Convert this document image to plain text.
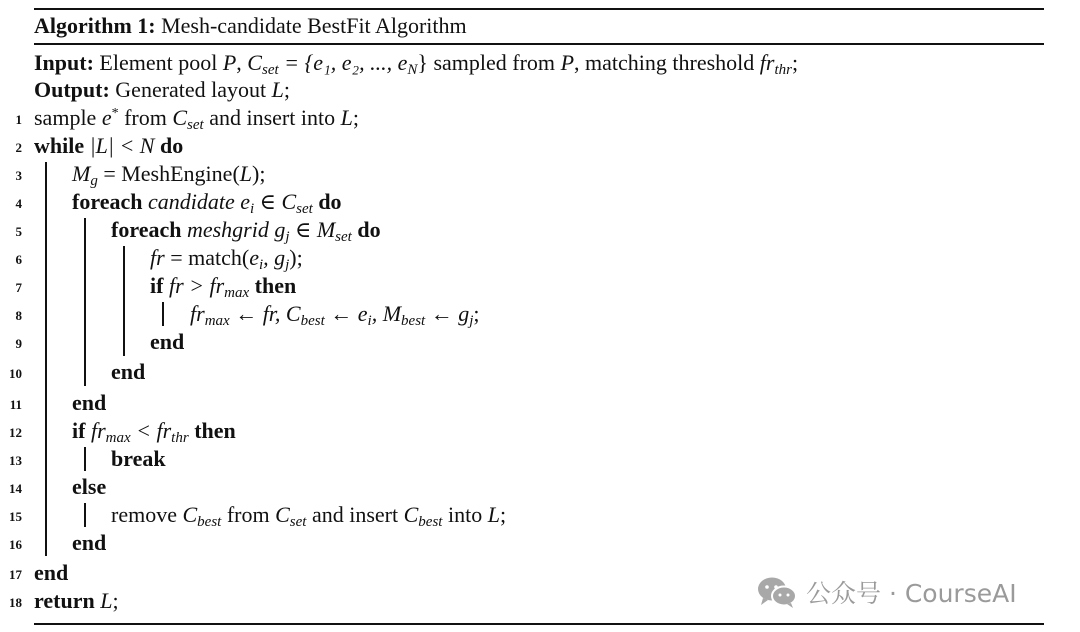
Algorithm 1: Mesh-candidate BestFit Algorithm
Input: Element pool P, $C_{set} = \{e_1$, e₂, ..., $e_N$} sampled from P, matching threshold $fr_{thr}$;
Output: Generated layout L;
1 sample e* from $C_{set}$ and insert into L;
2 while |L| < N do
3 $M_g$ = MeshEngine(L);
4 foreach candidate $e_i$ ∈ $C_{set}$ do
5	foreach meshgrid $g_j$ ∈ $M_{set}$ do
6	fr = $match(e_i$, $g_j$);
7	if fr > $fr_{max}$ then
8	$fr_{max}$ ← fr, $C_{best}$ ← $e_i$, $M_{best}$ ← $g_j$;
9	end
10	end
11 end
12 if $fr_{max} < fr_{thr}$ then
13	break
14 else
15	remove $C_{best}$ from $C_{set}$ and insert $C_{best}$ into L;
16 end
17 end
18 return L;	公众号 · CourseAI
